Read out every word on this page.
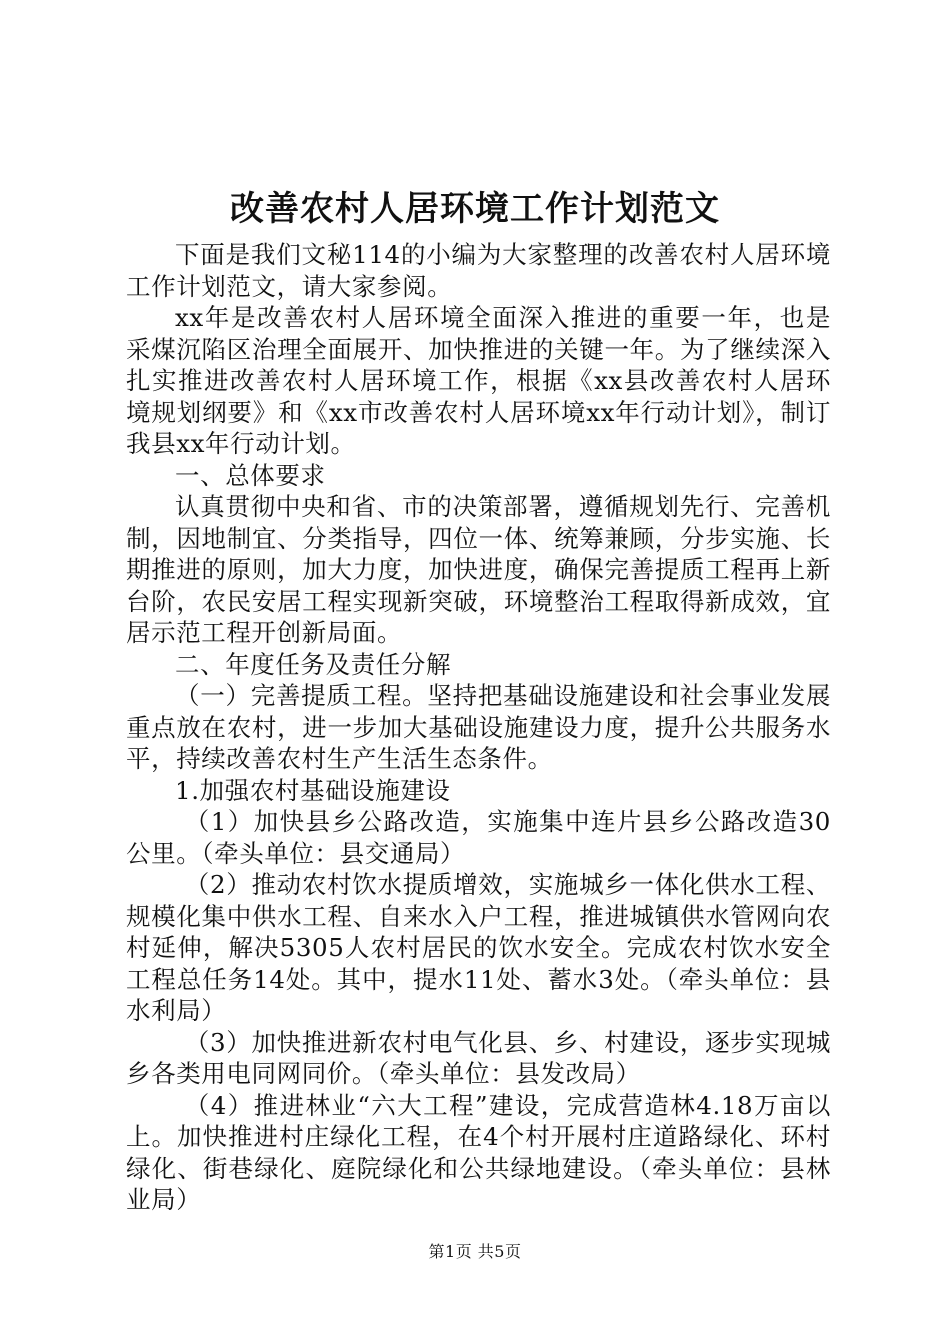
改善农村人居环境工作计划范文

下面是我们文秘114的小编为大家整理的改善农村人居环境工作计划范文，请大家参阅。

xx年是改善农村人居环境全面深入推进的重要一年，也是采煤沉陷区治理全面展开、加快推进的关键一年。为了继续深入扎实推进改善农村人居环境工作，根据《xx县改善农村人居环境规划纲要》和《xx市改善农村人居环境xx年行动计划》，制订我县xx年行动计划。

一、总体要求

认真贯彻中央和省、市的决策部署，遵循规划先行、完善机制，因地制宜、分类指导，四位一体、统筹兼顾，分步实施、长期推进的原则，加大力度，加快进度，确保完善提质工程再上新台阶，农民安居工程实现新突破，环境整治工程取得新成效，宜居示范工程开创新局面。

二、年度任务及责任分解

（一）完善提质工程。坚持把基础设施建设和社会事业发展重点放在农村，进一步加大基础设施建设力度，提升公共服务水平，持续改善农村生产生活生态条件。

1.加强农村基础设施建设

（1）加快县乡公路改造，实施集中连片县乡公路改造30公里。（牵头单位：县交通局）

（2）推动农村饮水提质增效，实施城乡一体化供水工程、规模化集中供水工程、自来水入户工程，推进城镇供水管网向农村延伸，解决5305人农村居民的饮水安全。完成农村饮水安全工程总任务14处。其中，提水11处、蓄水3处。（牵头单位：县水利局）

（3）加快推进新农村电气化县、乡、村建设，逐步实现城乡各类用电同网同价。（牵头单位：县发改局）

（4）推进林业“六大工程”建设，完成营造林4.18万亩以上。加快推进村庄绿化工程，在4个村开展村庄道路绿化、环村绿化、街巷绿化、庭院绿化和公共绿地建设。（牵头单位：县林业局）

第1页 共5页
